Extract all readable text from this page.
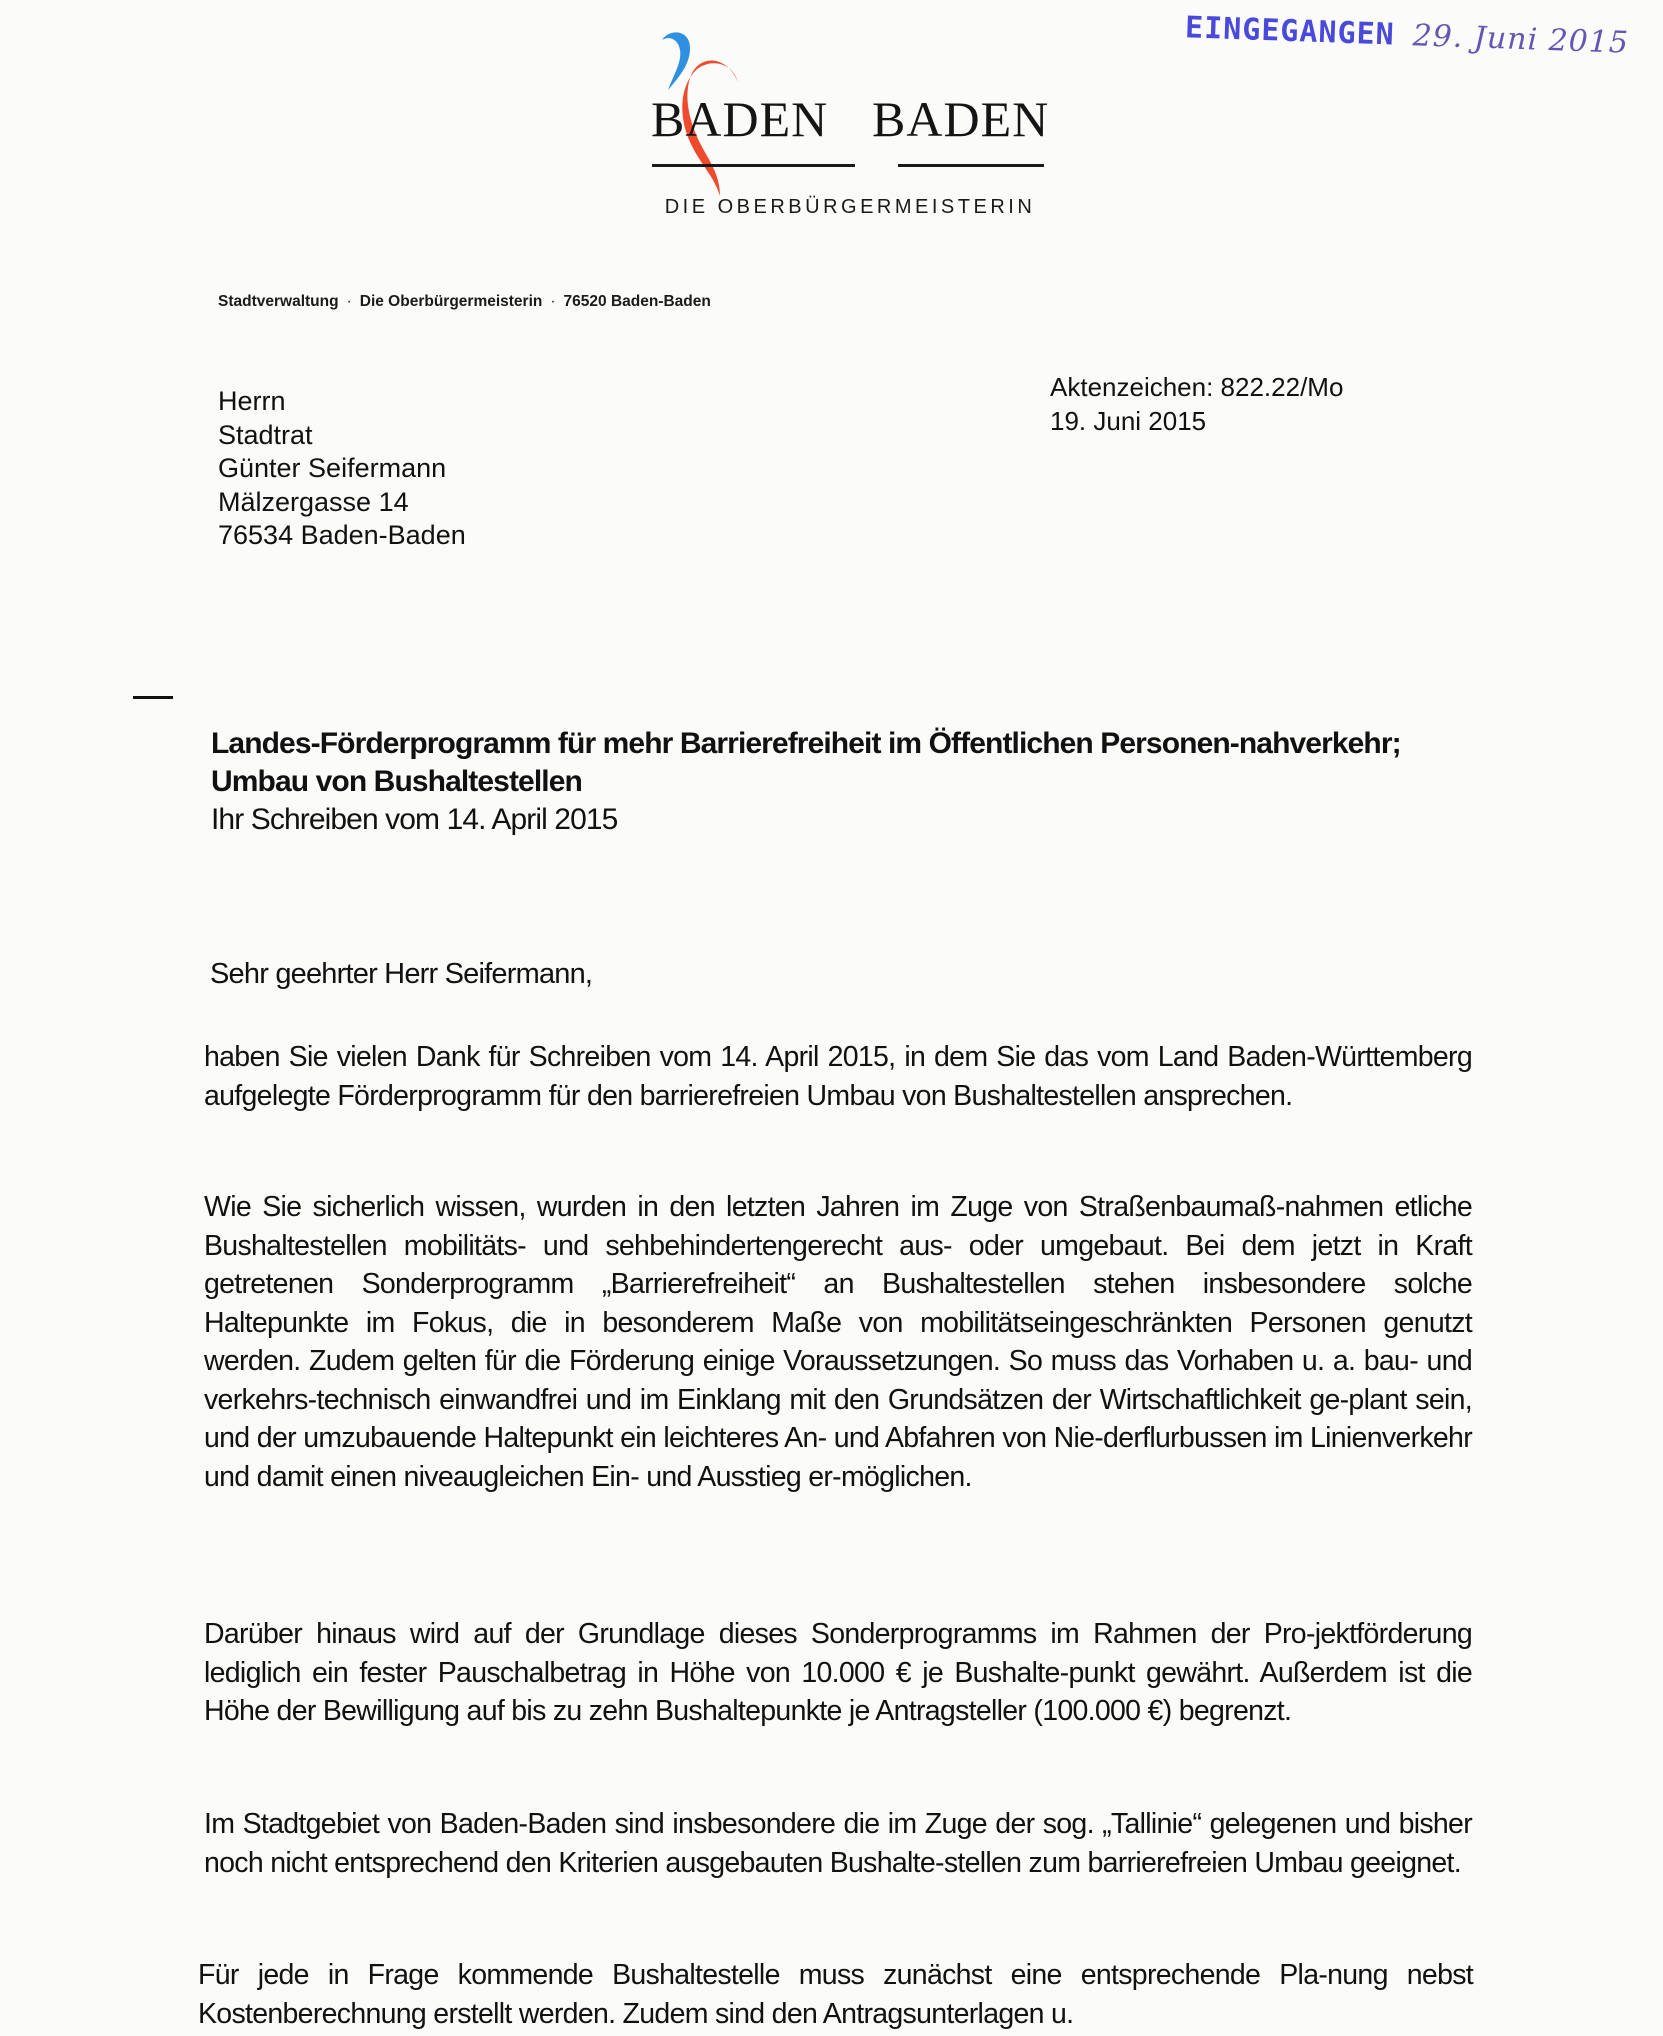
EINGEGANGEN 29. Juni 2015
BADEN BADEN
DIE OBERBÜRGERMEISTERIN
Stadtverwaltung · Die Oberbürgermeisterin · 76520 Baden-Baden
Herrn
Stadtrat
Günter Seifermann
Mälzergasse 14
76534 Baden-Baden
Aktenzeichen: 822.22/Mo
19. Juni 2015
Landes-Förderprogramm für mehr Barrierefreiheit im Öffentlichen Personen-nahverkehr;
Umbau von Bushaltestellen
Ihr Schreiben vom 14. April 2015
Sehr geehrter Herr Seifermann,
haben Sie vielen Dank für Schreiben vom 14. April 2015, in dem Sie das vom Land Baden-Württemberg aufgelegte Förderprogramm für den barrierefreien Umbau von Bushaltestellen ansprechen.
Wie Sie sicherlich wissen, wurden in den letzten Jahren im Zuge von Straßenbaumaß-nahmen etliche Bushaltestellen mobilitäts- und sehbehindertengerecht aus- oder umgebaut. Bei dem jetzt in Kraft getretenen Sonderprogramm „Barrierefreiheit“ an Bushaltestellen stehen insbesondere solche Haltepunkte im Fokus, die in besonderem Maße von mobilitätseingeschränkten Personen genutzt werden. Zudem gelten für die Förderung einige Voraussetzungen. So muss das Vorhaben u. a. bau- und verkehrs-technisch einwandfrei und im Einklang mit den Grundsätzen der Wirtschaftlichkeit ge-plant sein, und der umzubauende Haltepunkt ein leichteres An- und Abfahren von Nie-derflurbussen im Linienverkehr und damit einen niveaugleichen Ein- und Ausstieg er-möglichen.
Darüber hinaus wird auf der Grundlage dieses Sonderprogramms im Rahmen der Pro-jektförderung lediglich ein fester Pauschalbetrag in Höhe von 10.000 € je Bushalte-punkt gewährt. Außerdem ist die Höhe der Bewilligung auf bis zu zehn Bushaltepunkte je Antragsteller (100.000 €) begrenzt.
Im Stadtgebiet von Baden-Baden sind insbesondere die im Zuge der sog. „Tallinie“ gelegenen und bisher noch nicht entsprechend den Kriterien ausgebauten Bushalte-stellen zum barrierefreien Umbau geeignet.
Für jede in Frage kommende Bushaltestelle muss zunächst eine entsprechende Pla-nung nebst Kostenberechnung erstellt werden. Zudem sind den Antragsunterlagen u.
